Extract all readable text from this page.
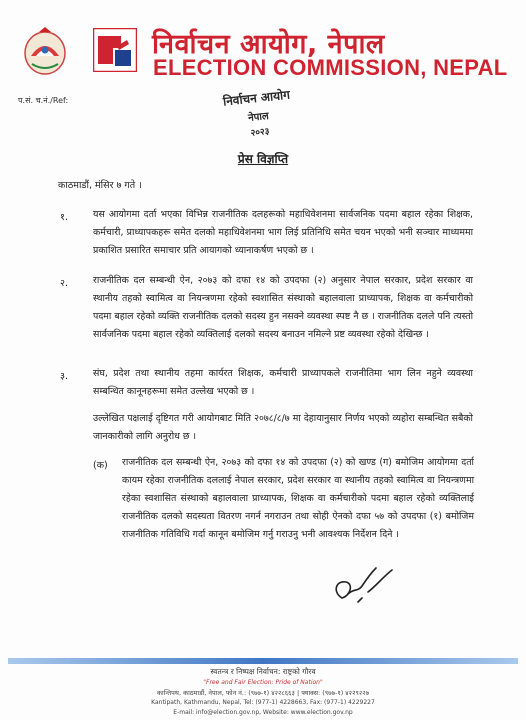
निर्वाचन आयोग, नेपाल
ELECTION COMMISSION, NEPAL
प.सं. च.नं./Ref:	निर्वाचन आयोग
नेपाल
२०२३
प्रेस विज्ञप्ति
काठमाडौं, मंसिर ७ गते ।
१.	यस आयोगमा दर्ता भएका विभिन्न राजनीतिक दलहरूको महाधिवेशनमा सार्वजनिक पदमा बहाल रहेका शिक्षक, कर्मचारी, प्राध्यापकहरू समेत दलको महाधिवेशनमा भाग लिई प्रतिनिधि समेत चयन भएको भनी सञ्चार माध्यममा प्रकाशित प्रसारित समाचार प्रति आयागको ध्यानाकर्षण भएको छ ।
२.	राजनीतिक दल सम्बन्धी ऐन, २०७३ को दफा १४ को उपदफा (२) अनुसार नेपाल सरकार, प्रदेश सरकार वा स्थानीय तहको स्वामित्व वा नियन्त्रणमा रहेको स्वशासित संस्थाको बहालवाला प्राध्यापक, शिक्षक वा कर्मचारीको पदमा बहाल रहेको व्यक्ति राजनीतिक दलको सदस्य हुन नसक्ने व्यवस्था स्पष्ट नै छ । राजनीतिक दलले पनि त्यस्तो सार्वजनिक पदमा बहाल रहेको व्यक्तिलाई दलको सदस्य बनाउन नमिल्ने प्रष्ट व्यवस्था रहेको देखिन्छ ।
३.	संघ, प्रदेश तथा स्थानीय तहमा कार्यरत शिक्षक, कर्मचारी प्राध्यापकले राजनीतिमा भाग लिन नहुने व्यवस्था सम्बन्धित कानूनहरूमा समेत उल्लेख भएको छ ।
उल्लेखित पक्षलाई दृष्टिगत गरी आयोगबाट मिति २०७८/८/७ मा देहायानुसार निर्णय भएको व्यहोरा सम्बन्धित सबैको जानकारीको लागि अनुरोध छ ।
(क) राजनीतिक दल सम्बन्धी ऐन, २०७३ को दफा १४ को उपदफा (२) को खण्ड (ग) बमोजिम आयोगमा दर्ता कायम रहेका राजनीतिक दललाई नेपाल सरकार, प्रदेश सरकार वा स्थानीय तहको स्वामित्व वा नियन्त्रणमा रहेका स्वशासित संस्थाको बहालवाला प्राध्यापक, शिक्षक वा कर्मचारीको पदमा बहाल रहेको व्यक्तिलाई राजनीतिक दलको सदस्यता वितरण नगर्न नगराउन तथा सोही ऐनको दफा ५७ को उपदफा (१) बमोजिम राजनीतिक गतिविधि गर्दा कानून बमोजिम गर्नु गराउनु भनी आवश्यक निर्देशन दिने ।
स्वतन्त्र र निष्पक्ष निर्वाचन: राष्ट्रको गौरव
"Free and Fair Election: Pride of Nation"
कान्तिपथ, काठमाडौं, नेपाल, फोन नं.: (९७७-१) ४२२८६६३ | फ्याक्स: (९७७-१) ४२२९२२७
Kantipath, Kathmandu, Nepal, Tel: (977-1) 4228663, Fax: (977-1) 4229227
E-mail: info@election.gov.np, Website: www.election.gov.np
